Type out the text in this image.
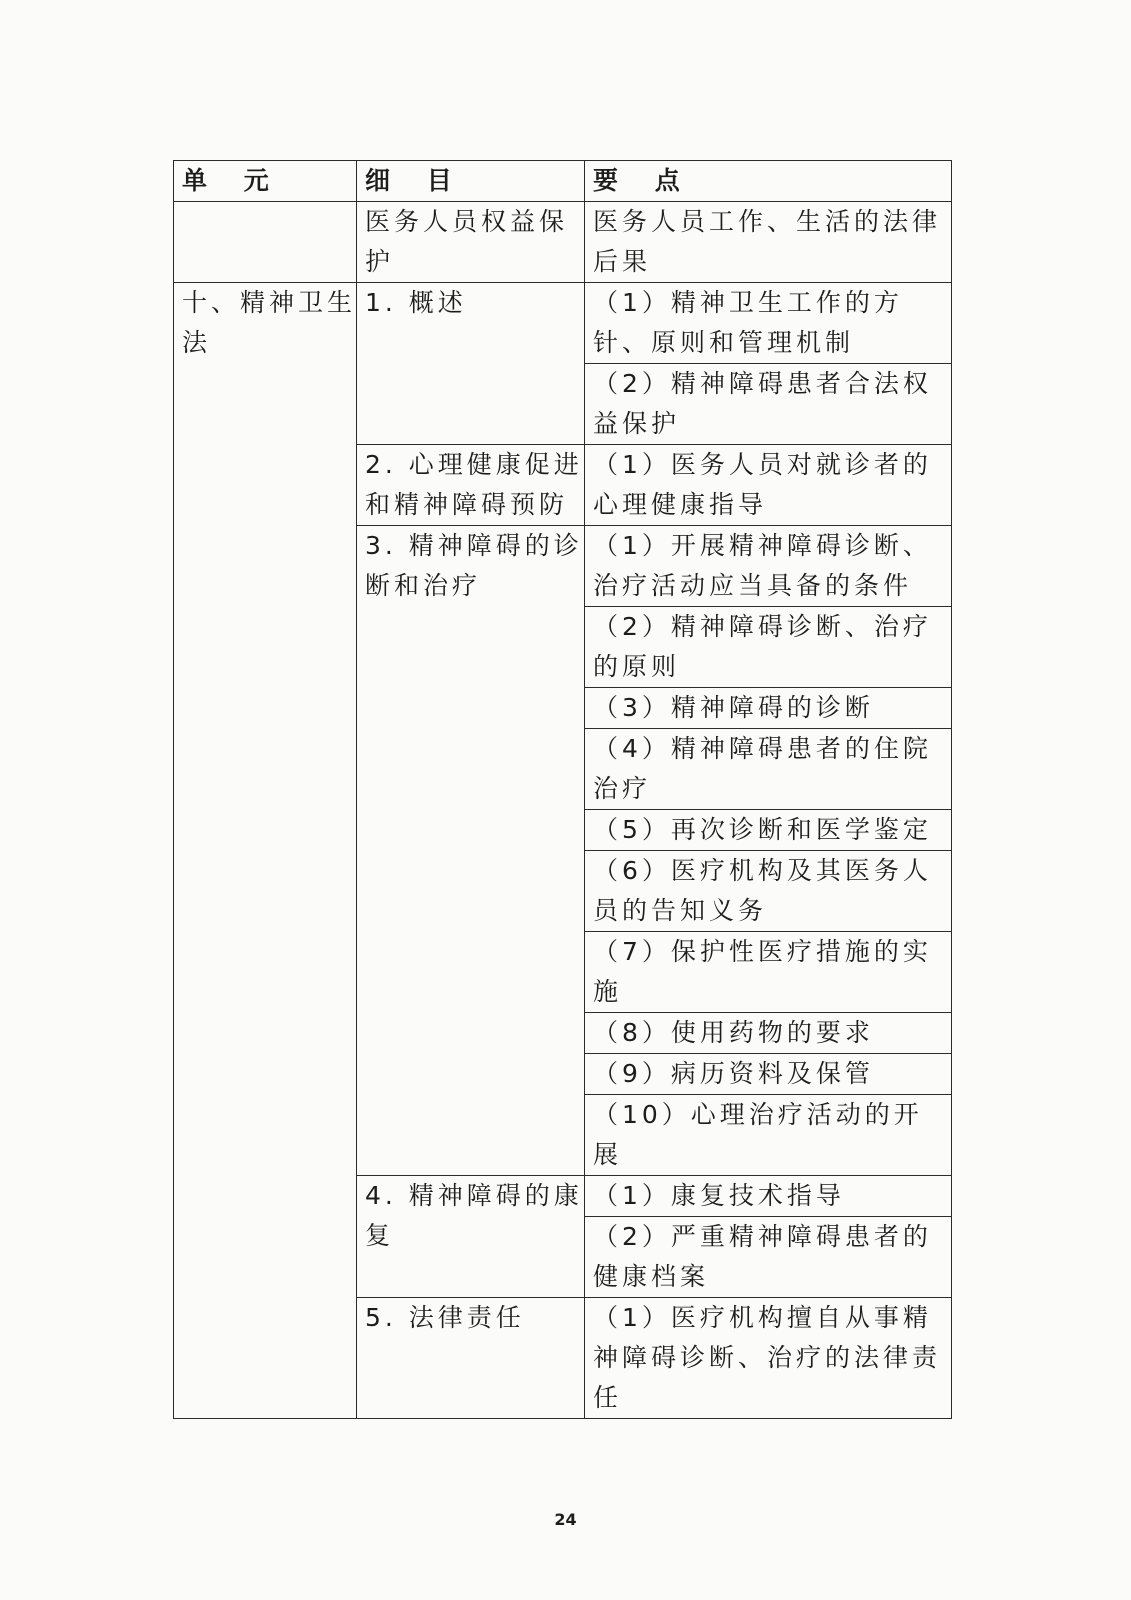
单 元	细 目	要 点
	医务人员权益保护	医务人员工作、生活的法律后果
十、精神卫生法	1. 概述	（1）精神卫生工作的方针、原则和管理机制
		（2）精神障碍患者合法权益保护
	2. 心理健康促进和精神障碍预防	（1）医务人员对就诊者的心理健康指导
	3. 精神障碍的诊断和治疗	（1）开展精神障碍诊断、治疗活动应当具备的条件
		（2）精神障碍诊断、治疗的原则
		（3）精神障碍的诊断
		（4）精神障碍患者的住院治疗
		（5）再次诊断和医学鉴定
		（6）医疗机构及其医务人员的告知义务
		（7）保护性医疗措施的实施
		（8）使用药物的要求
		（9）病历资料及保管
		（10）心理治疗活动的开展
	4. 精神障碍的康复	（1）康复技术指导
		（2）严重精神障碍患者的健康档案
	5. 法律责任	（1）医疗机构擅自从事精神障碍诊断、治疗的法律责任
24
